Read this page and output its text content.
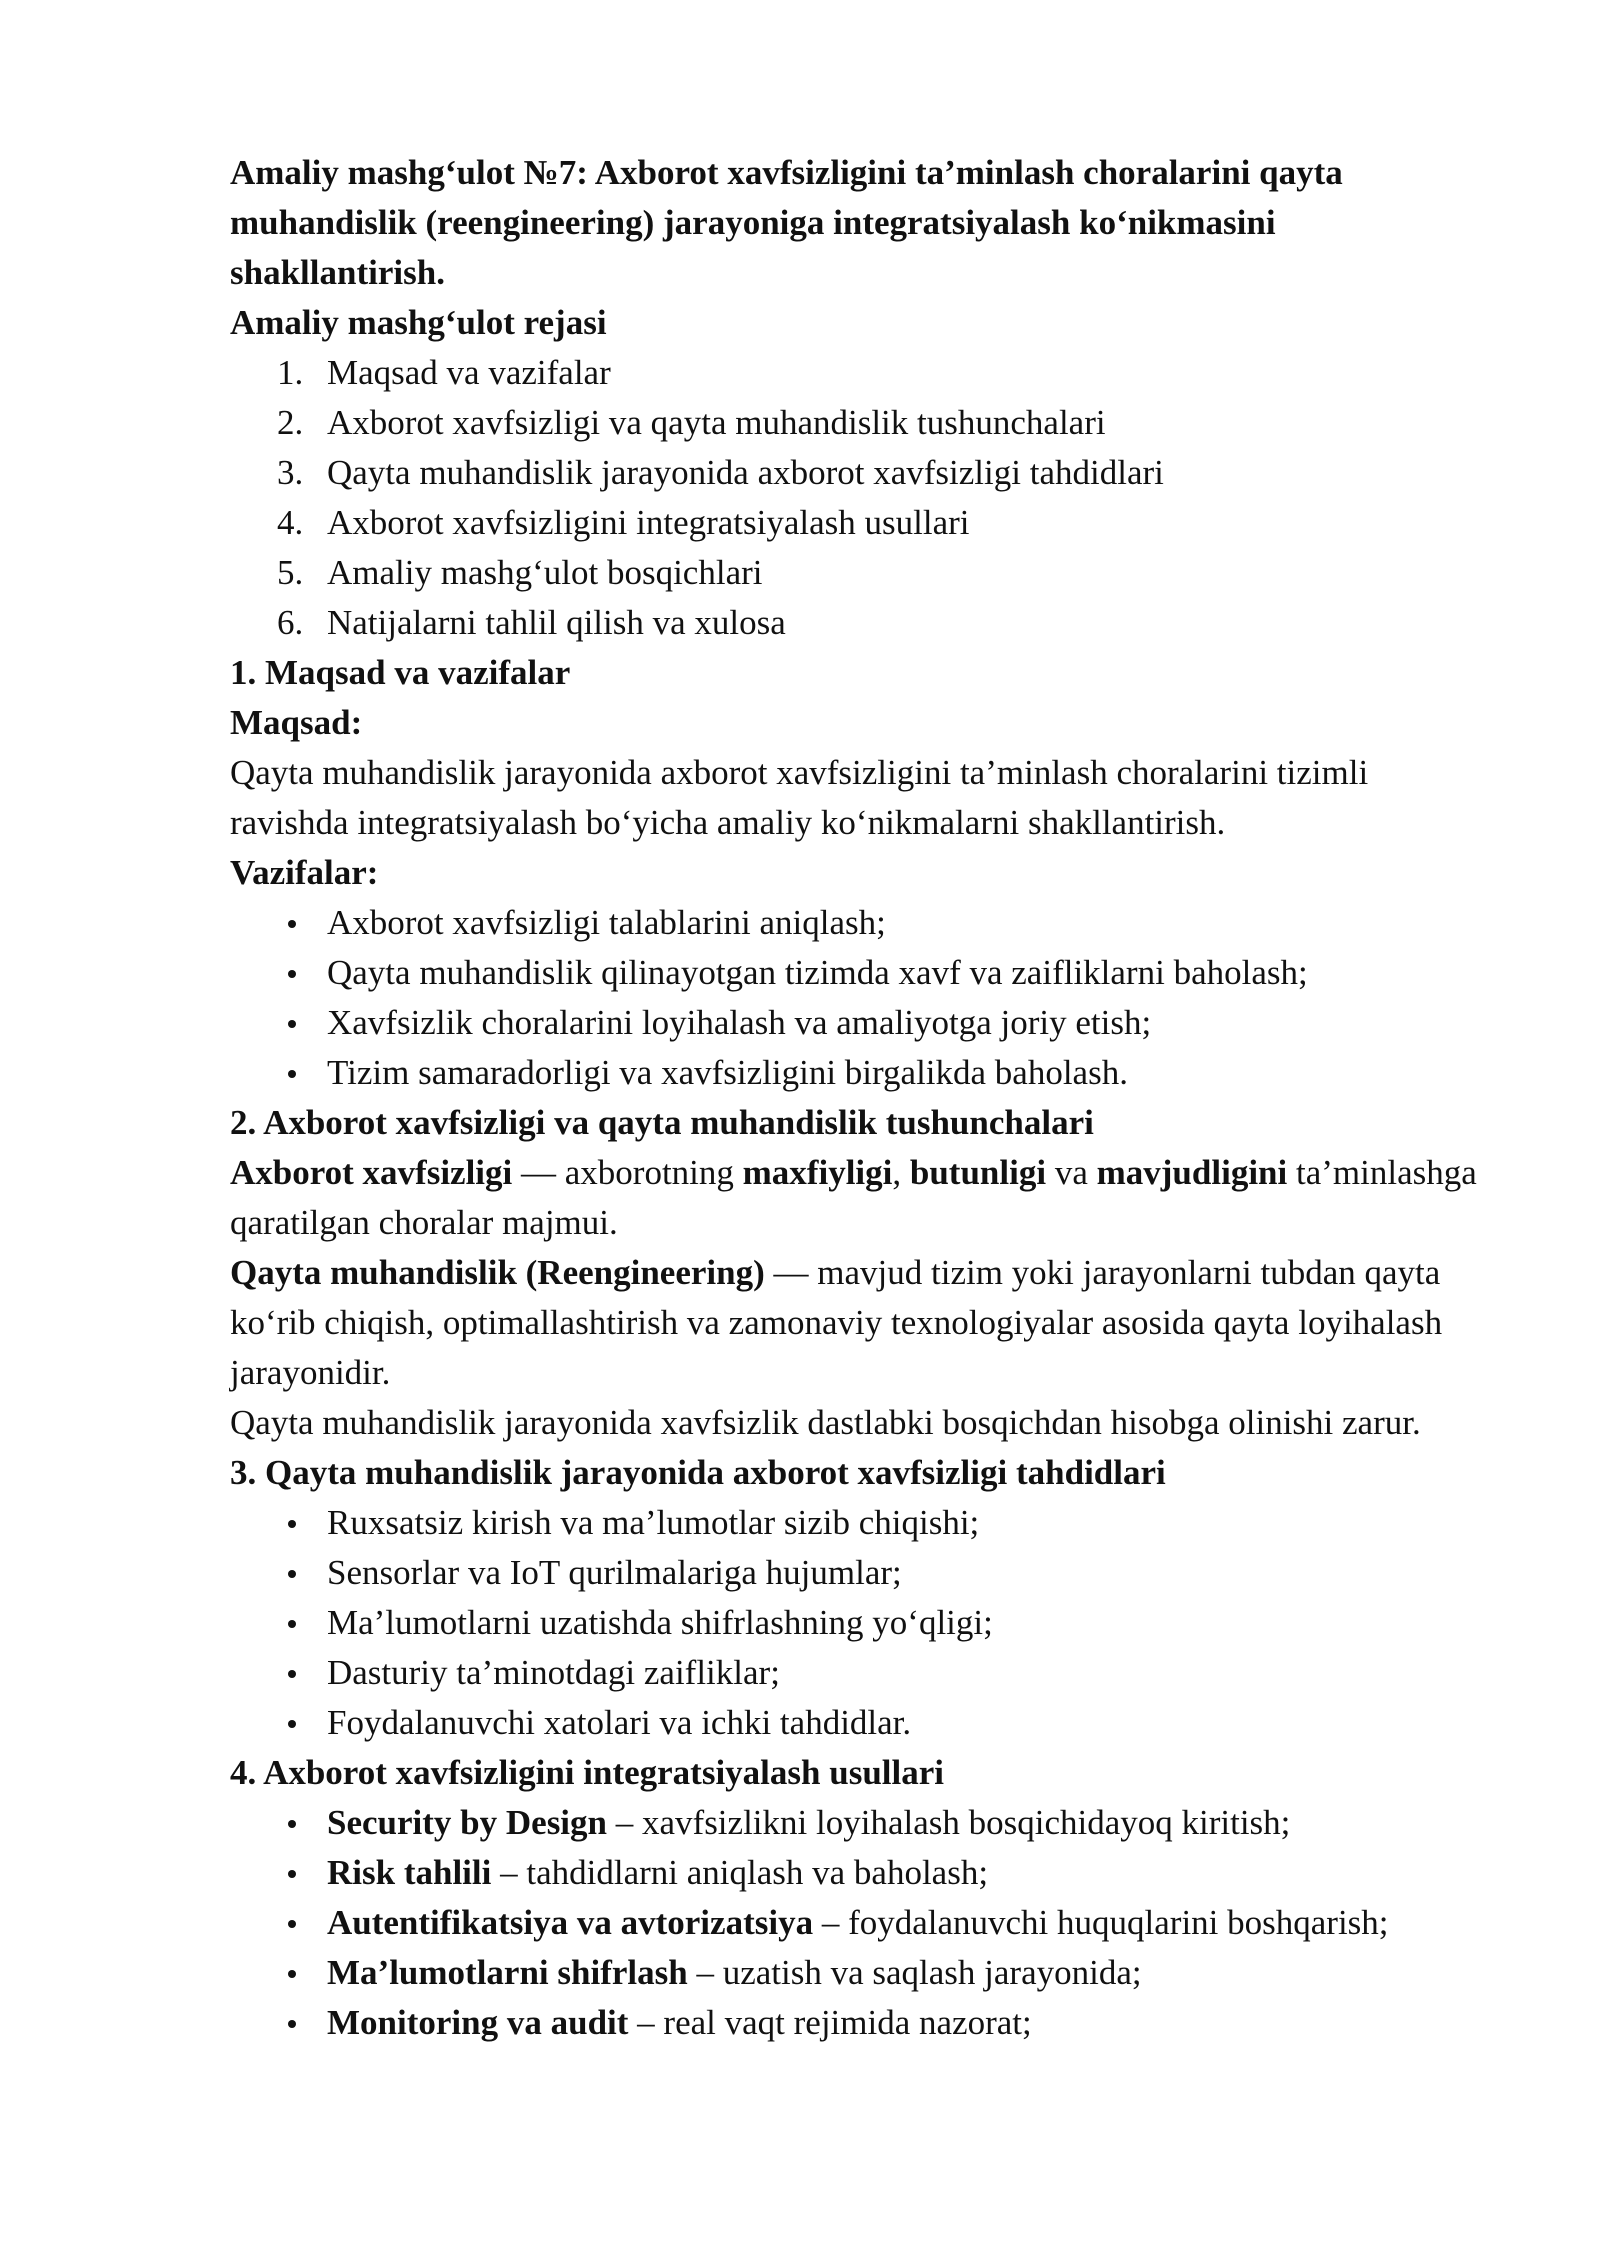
Amaliy mashg‘ulot №7: Axborot xavfsizligini ta’minlash choralarini qayta muhandislik (reengineering) jarayoniga integratsiyalash ko‘nikmasini shakllantirish.

Amaliy mashg‘ulot rejasi

1. Maqsad va vazifalar
2. Axborot xavfsizligi va qayta muhandislik tushunchalari
3. Qayta muhandislik jarayonida axborot xavfsizligi tahdidlari
4. Axborot xavfsizligini integratsiyalash usullari
5. Amaliy mashg‘ulot bosqichlari
6. Natijalarni tahlil qilish va xulosa

1. Maqsad va vazifalar

Maqsad:

Qayta muhandislik jarayonida axborot xavfsizligini ta’minlash choralarini tizimli ravishda integratsiyalash bo‘yicha amaliy ko‘nikmalarni shakllantirish.

Vazifalar:

Axborot xavfsizligi talablarini aniqlash;
Qayta muhandislik qilinayotgan tizimda xavf va zaifliklarni baholash;
Xavfsizlik choralarini loyihalash va amaliyotga joriy etish;
Tizim samaradorligi va xavfsizligini birgalikda baholash.

2. Axborot xavfsizligi va qayta muhandislik tushunchalari

Axborot xavfsizligi — axborotning maxfiyligi, butunligi va mavjudligini ta’minlashga qaratilgan choralar majmui.

Qayta muhandislik (Reengineering) — mavjud tizim yoki jarayonlarni tubdan qayta ko‘rib chiqish, optimallashtirish va zamonaviy texnologiyalar asosida qayta loyihalash jarayonidir.

Qayta muhandislik jarayonida xavfsizlik dastlabki bosqichdan hisobga olinishi zarur.

3. Qayta muhandislik jarayonida axborot xavfsizligi tahdidlari

Ruxsatsiz kirish va ma’lumotlar sizib chiqishi;
Sensorlar va IoT qurilmalariga hujumlar;
Ma’lumotlarni uzatishda shifrlashning yo‘qligi;
Dasturiy ta’minotdagi zaifliklar;
Foydalanuvchi xatolari va ichki tahdidlar.

4. Axborot xavfsizligini integratsiyalash usullari

Security by Design – xavfsizlikni loyihalash bosqichidayoq kiritish;
Risk tahlili – tahdidlarni aniqlash va baholash;
Autentifikatsiya va avtorizatsiya – foydalanuvchi huquqlarini boshqarish;
Ma’lumotlarni shifrlash – uzatish va saqlash jarayonida;
Monitoring va audit – real vaqt rejimida nazorat;
